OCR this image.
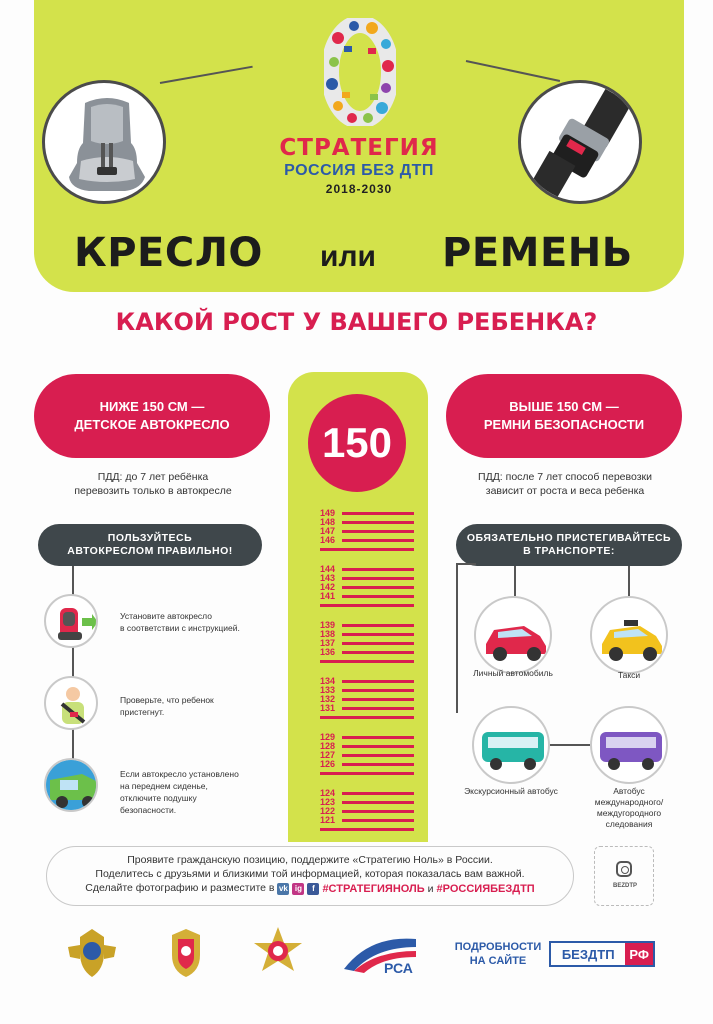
СТРАТЕГИЯ
РОССИЯ БЕЗ ДТП
2018-2030
КРЕСЛО или РЕМЕНЬ
КАКОЙ РОСТ У ВАШЕГО РЕБЕНКА?
150
149
148
147
146
144
143
142
141
139
138
137
136
134
133
132
131
129
128
127
126
124
123
122
121
НИЖЕ 150 СМ —
ДЕТСКОЕ АВТОКРЕСЛО
ПДД: до 7 лет ребёнка
перевозить только в автокресле
ПОЛЬЗУЙТЕСЬ
АВТОКРЕСЛОМ ПРАВИЛЬНО!
Установите автокресло
в соответствии с инструкцией.
Проверьте, что ребенок
пристегнут.
Если автокресло установлено
на переднем сиденье,
отключите подушку
безопасности.
ВЫШЕ 150 СМ —
РЕМНИ БЕЗОПАСНОСТИ
ПДД: после 7 лет способ перевозки
зависит от роста и веса ребенка
ОБЯЗАТЕЛЬНО ПРИСТЕГИВАЙТЕСЬ
В ТРАНСПОРТЕ:
Личный автомобиль	Такси
Экскурсионный автобус	Автобус
международного/
междугородного
следования
Проявите гражданскую позицию, поддержите «Стратегию Ноль» в России.
Поделитесь с друзьями и близкими той информацией, которая показалась вам важной.
Сделайте фотографию и разместите в vk ig	f #СТРАТЕГИЯНОЛЬ и #РОССИЯБЕЗДТП	BEZDTP
РСА
ПОДРОБНОСТИ
НА САЙТЕ	БЕЗДТП	РФ
